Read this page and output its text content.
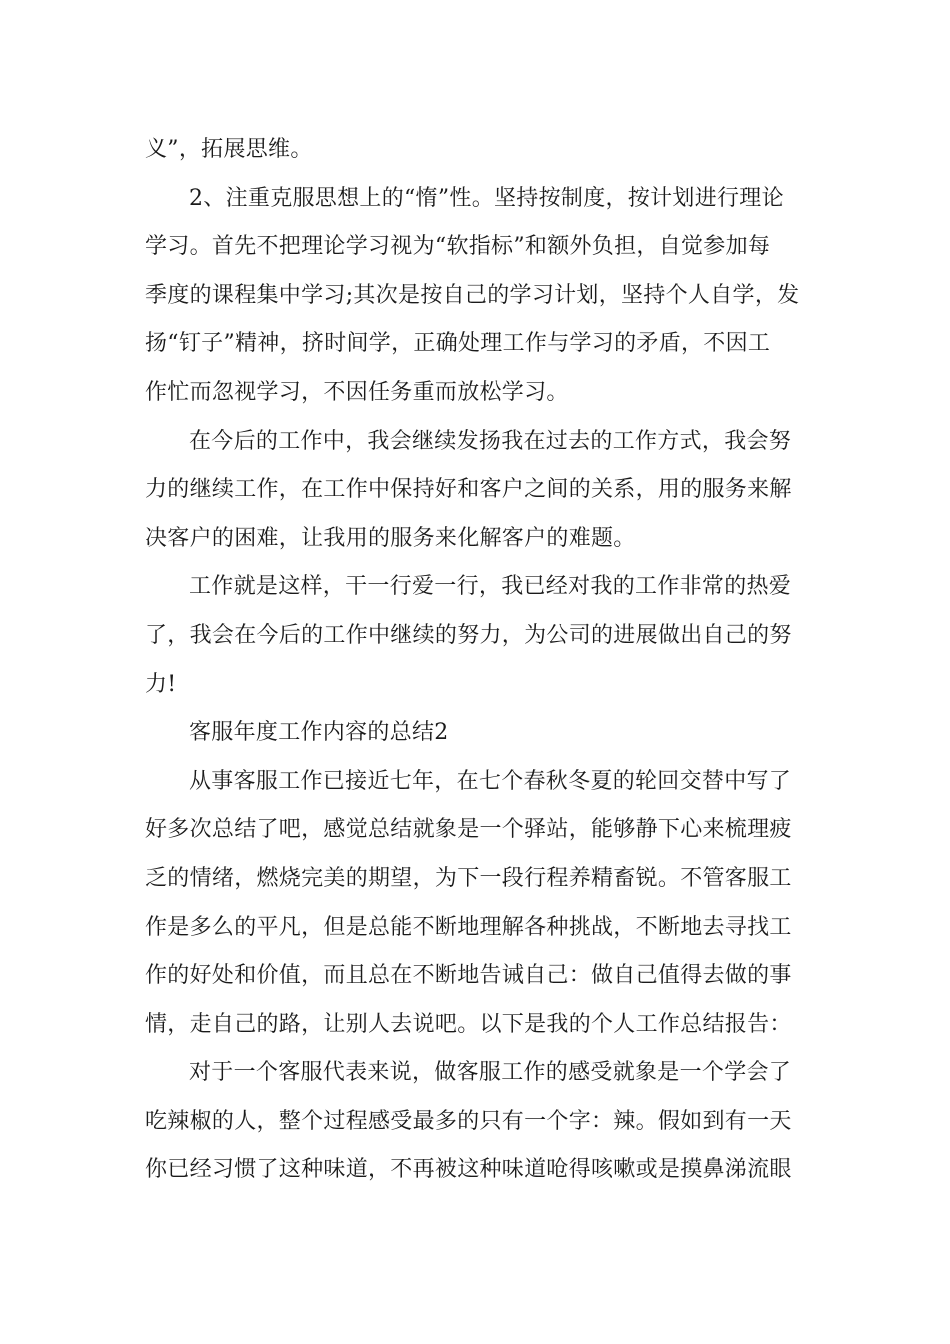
义”，拓展思维。
2、注重克服思想上的“惰”性。坚持按制度，按计划进行理论
学习。首先不把理论学习视为“软指标”和额外负担，自觉参加每
季度的课程集中学习;其次是按自己的学习计划，坚持个人自学，发
扬“钉子”精神，挤时间学，正确处理工作与学习的矛盾，不因工
作忙而忽视学习，不因任务重而放松学习。
在今后的工作中，我会继续发扬我在过去的工作方式，我会努
力的继续工作，在工作中保持好和客户之间的关系，用的服务来解
决客户的困难，让我用的服务来化解客户的难题。
工作就是这样，干一行爱一行，我已经对我的工作非常的热爱
了，我会在今后的工作中继续的努力，为公司的进展做出自己的努
力!
客服年度工作内容的总结2
从事客服工作已接近七年，在七个春秋冬夏的轮回交替中写了
好多次总结了吧，感觉总结就象是一个驿站，能够静下心来梳理疲
乏的情绪，燃烧完美的期望，为下一段行程养精畜锐。不管客服工
作是多么的平凡，但是总能不断地理解各种挑战，不断地去寻找工
作的好处和价值，而且总在不断地告诫自己：做自己值得去做的事
情，走自己的路，让别人去说吧。以下是我的个人工作总结报告：
对于一个客服代表来说，做客服工作的感受就象是一个学会了
吃辣椒的人，整个过程感受最多的只有一个字：辣。假如到有一天
你已经习惯了这种味道，不再被这种味道呛得咳嗽或是摸鼻涕流眼
